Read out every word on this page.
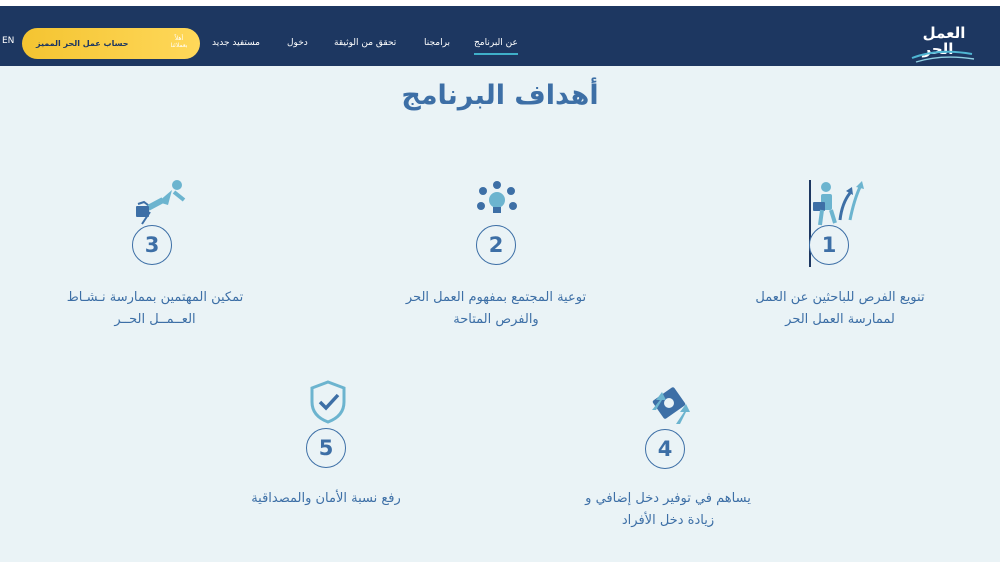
EN	حساب عمل الحر المميز
أهلاً بعملائنا	مستفيد جديد	دخول	تحقق من الوثيقة	برامجنا	عن البرنامج
العمل
الحر
أهداف البرنامج
1
تنويع الفرص للباحثين عن العمل
لممارسة العمل الحر
2
توعية المجتمع بمفهوم العمل الحر
والفرص المتاحة
3
تمكين المهتمين بممارسة نـشـاط
العــمــل الحــر
4
يساهم في توفير دخل إضافي و
زيادة دخل الأفراد
5
رفع نسبة الأمان والمصداقية
